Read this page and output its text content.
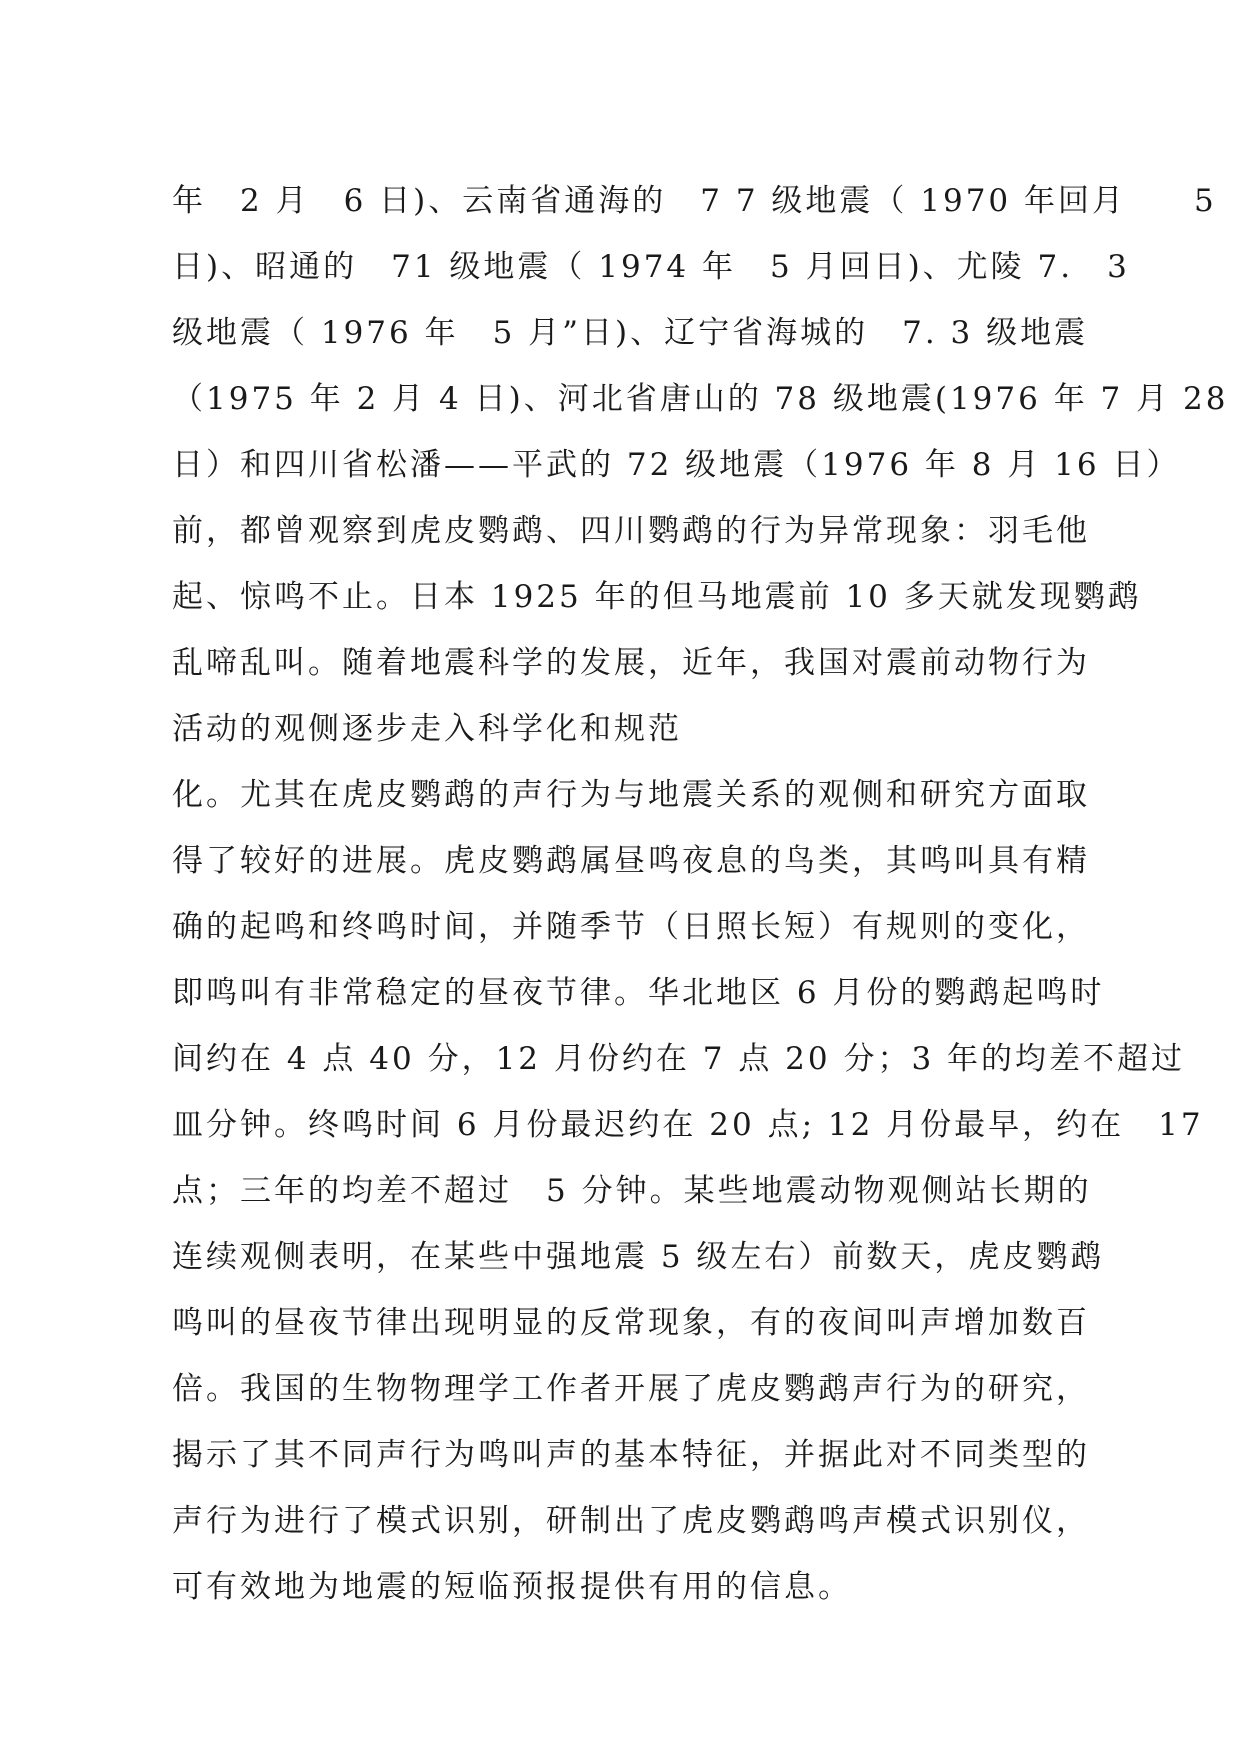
年　2 月　6 日)、云南省通海的　7 7 级地震（ 1970 年回月　　5
日)、昭通的　71 级地震（ 1974 年　5 月回日)、尤陵 7.　3
级地震（ 1976 年　5 月”日)、辽宁省海城的　7. 3 级地震
（1975 年 2 月 4 日)、河北省唐山的 78 级地震(1976 年 7 月 28
日）和四川省松潘——平武的 72 级地震（1976 年 8 月 16 日）
前，都曾观察到虎皮鹦鹉、四川鹦鹉的行为异常现象：羽毛他
起、惊鸣不止。日本 1925 年的但马地震前 10 多天就发现鹦鹉
乱啼乱叫。随着地震科学的发展，近年，我国对震前动物行为
活动的观侧逐步走入科学化和规范
化。尤其在虎皮鹦鹉的声行为与地震关系的观侧和研究方面取
得了较好的进展。虎皮鹦鹉属昼鸣夜息的鸟类，其鸣叫具有精
确的起鸣和终鸣时间，并随季节（日照长短）有规则的变化，
即鸣叫有非常稳定的昼夜节律。华北地区 6 月份的鹦鹉起鸣时
间约在 4 点 40 分，12 月份约在 7 点 20 分；3 年的均差不超过
皿分钟。终鸣时间 6 月份最迟约在 20 点; 12 月份最早，约在　17
点；三年的均差不超过　5 分钟。某些地震动物观侧站长期的
连续观侧表明，在某些中强地震 5 级左右）前数天，虎皮鹦鹉
鸣叫的昼夜节律出现明显的反常现象，有的夜间叫声增加数百
倍。我国的生物物理学工作者开展了虎皮鹦鹉声行为的研究，
揭示了其不同声行为鸣叫声的基本特征，并据此对不同类型的
声行为进行了模式识别，研制出了虎皮鹦鹉鸣声模式识别仪，
可有效地为地震的短临预报提供有用的信息。
